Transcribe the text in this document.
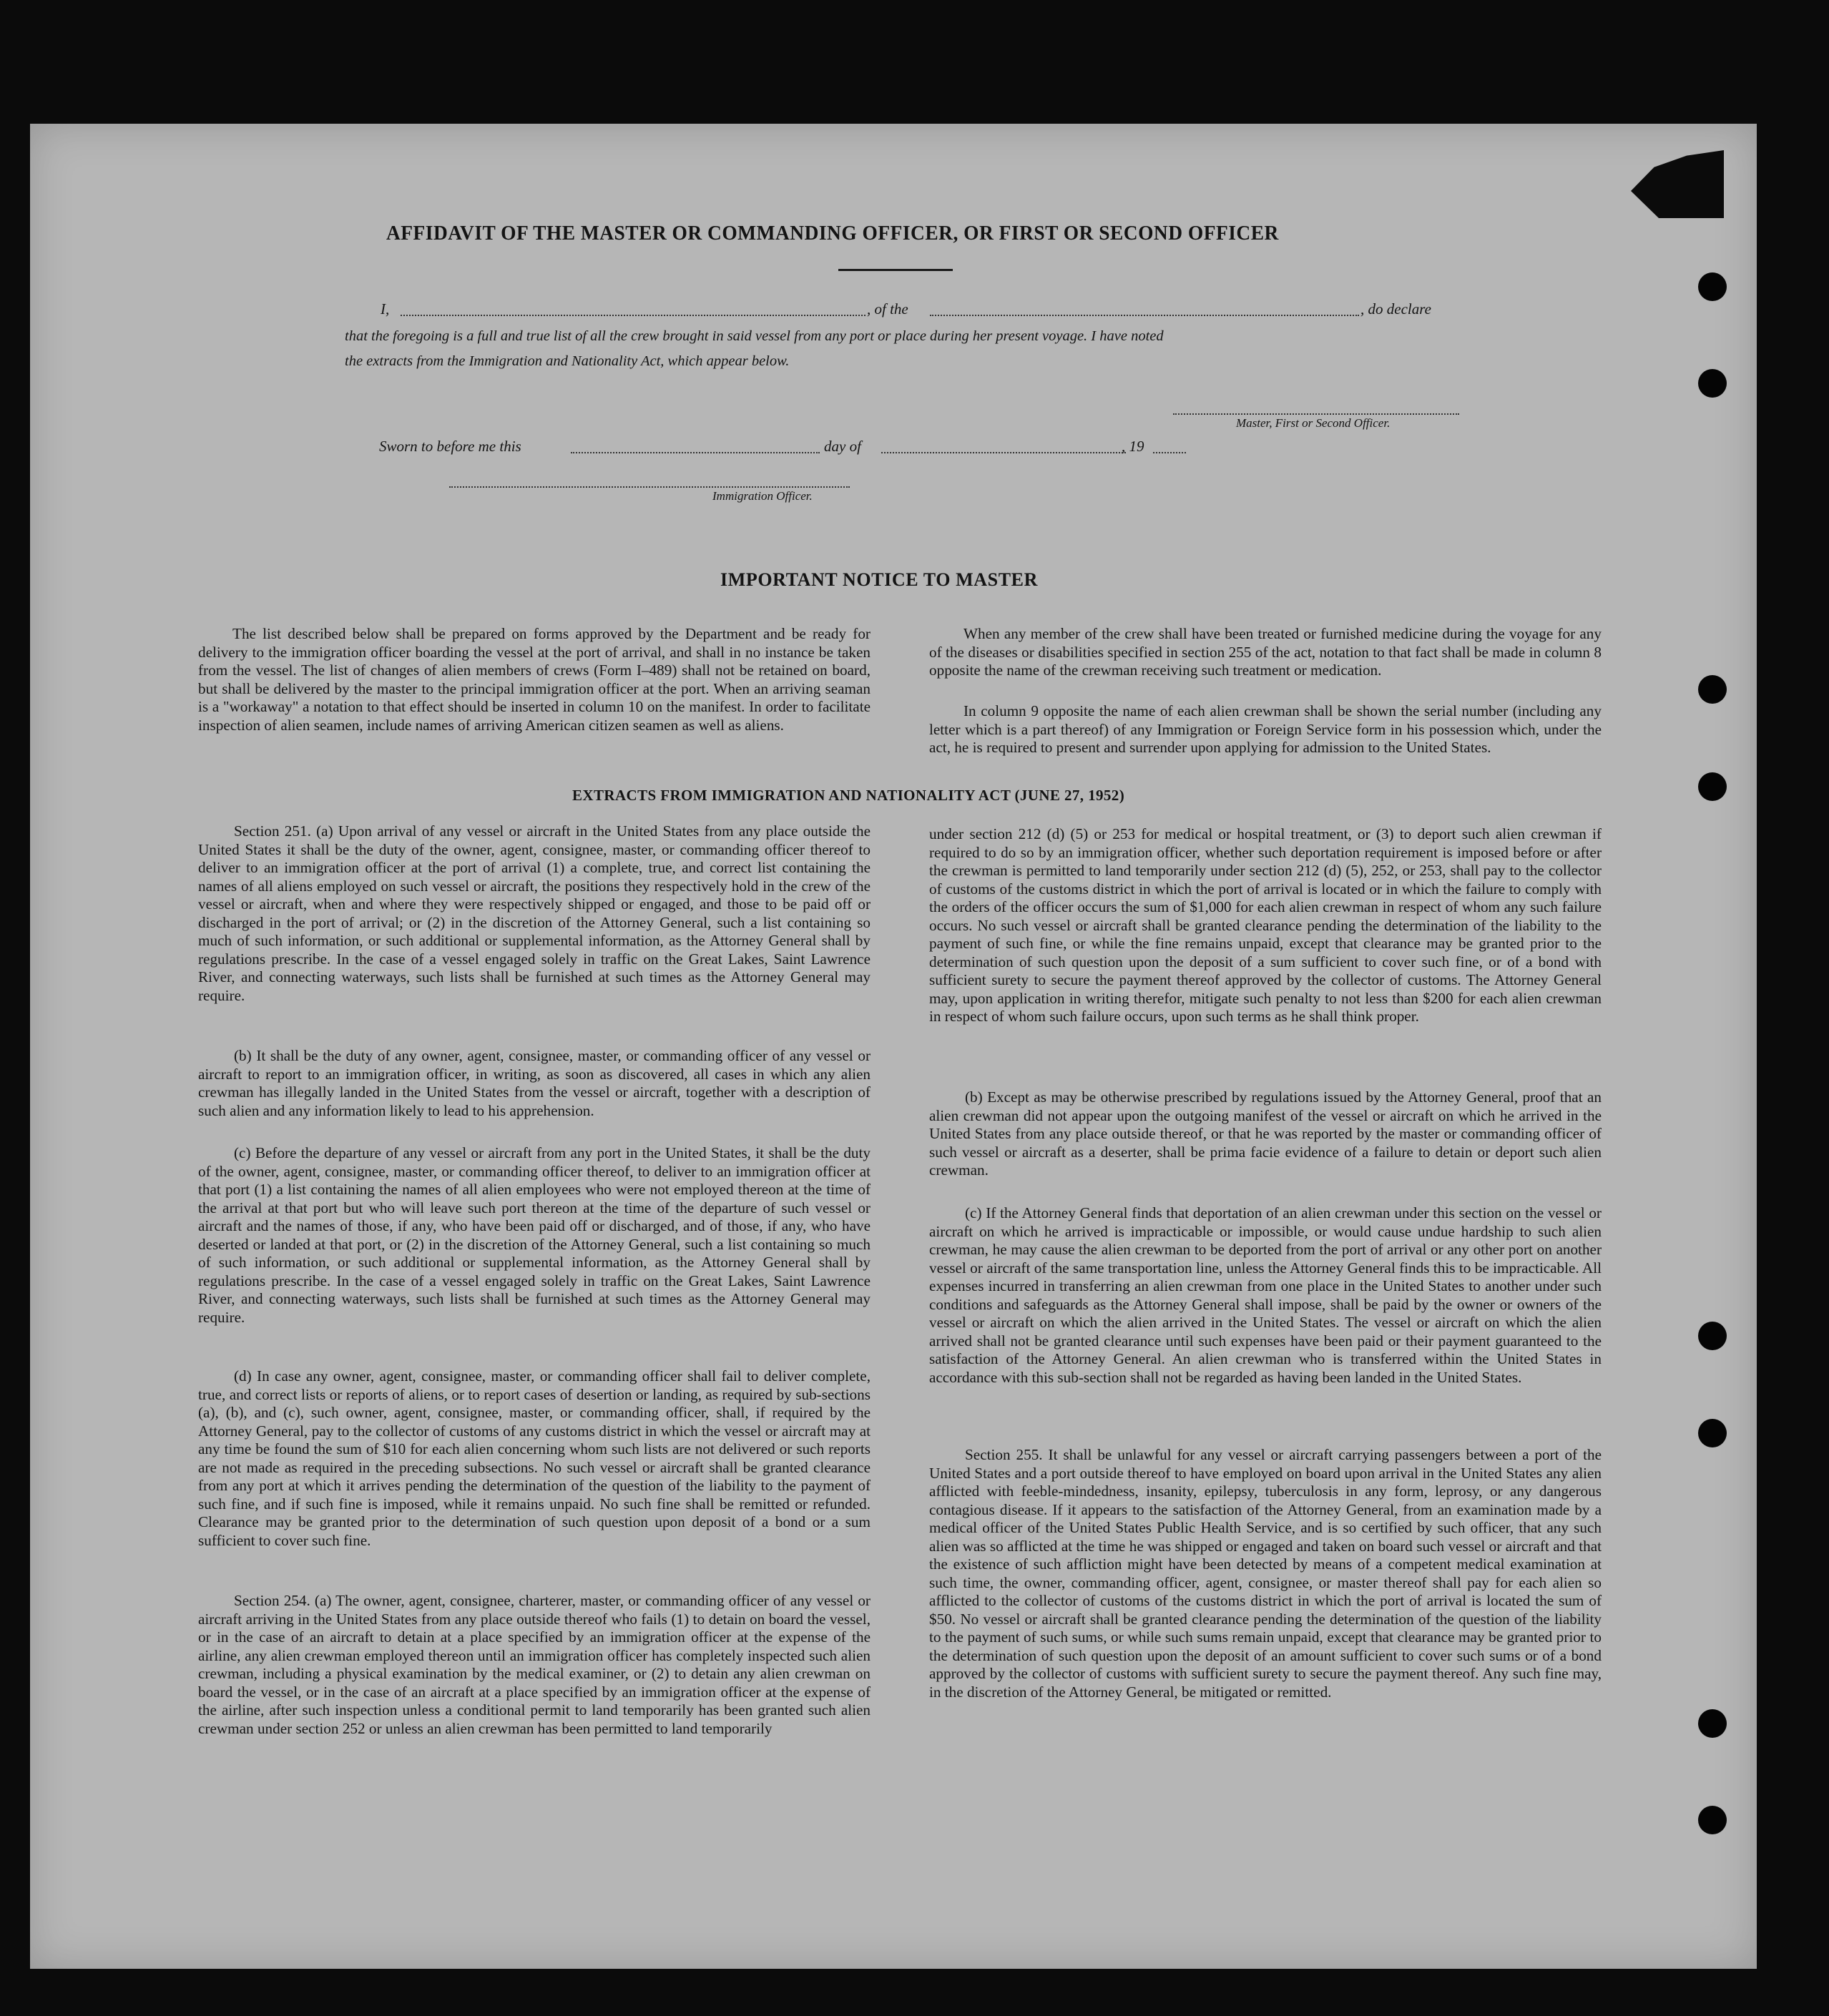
AFFIDAVIT OF THE MASTER OR COMMANDING OFFICER, OR FIRST OR SECOND OFFICER
I,	, of the	, do declare
that the foregoing is a full and true list of all the crew brought in said vessel from any port or place during her present voyage. I have noted
the extracts from the Immigration and Nationality Act, which appear below.
Master, First or Second Officer.
Sworn to before me this	day of	, 19
Immigration Officer.
IMPORTANT NOTICE TO MASTER
The list described below shall be prepared on forms approved by the Department and be ready for delivery to the immigration officer boarding the vessel at the port of arrival, and shall in no instance be taken from the vessel. The list of changes of alien members of crews (Form I–489) shall not be retained on board, but shall be delivered by the master to the principal immigration officer at the port. When an arriving seaman is a "workaway" a notation to that effect should be inserted in column 10 on the manifest. In order to facilitate inspection of alien seamen, include names of arriving American citizen seamen as well as aliens.
When any member of the crew shall have been treated or furnished medicine during the voyage for any of the diseases or disabilities specified in section 255 of the act, notation to that fact shall be made in column 8 opposite the name of the crewman receiving such treatment or medication.
In column 9 opposite the name of each alien crewman shall be shown the serial number (including any letter which is a part thereof) of any Immigration or Foreign Service form in his possession which, under the act, he is required to present and surrender upon applying for admission to the United States.
EXTRACTS FROM IMMIGRATION AND NATIONALITY ACT (JUNE 27, 1952)
Section 251. (a) Upon arrival of any vessel or aircraft in the United States from any place outside the United States it shall be the duty of the owner, agent, consignee, master, or commanding officer thereof to deliver to an immigration officer at the port of arrival (1) a complete, true, and correct list containing the names of all aliens employed on such vessel or aircraft, the positions they respectively hold in the crew of the vessel or aircraft, when and where they were respectively shipped or engaged, and those to be paid off or discharged in the port of arrival; or (2) in the discretion of the Attorney General, such a list containing so much of such information, or such additional or supplemental information, as the Attorney General shall by regulations prescribe. In the case of a vessel engaged solely in traffic on the Great Lakes, Saint Lawrence River, and connecting waterways, such lists shall be furnished at such times as the Attorney General may require.
(b) It shall be the duty of any owner, agent, consignee, master, or commanding officer of any vessel or aircraft to report to an immigration officer, in writing, as soon as discovered, all cases in which any alien crewman has illegally landed in the United States from the vessel or aircraft, together with a description of such alien and any information likely to lead to his apprehension.
(c) Before the departure of any vessel or aircraft from any port in the United States, it shall be the duty of the owner, agent, consignee, master, or commanding officer thereof, to deliver to an immigration officer at that port (1) a list containing the names of all alien employees who were not employed thereon at the time of the arrival at that port but who will leave such port thereon at the time of the departure of such vessel or aircraft and the names of those, if any, who have been paid off or discharged, and of those, if any, who have deserted or landed at that port, or (2) in the discretion of the Attorney General, such a list containing so much of such information, or such additional or supplemental information, as the Attorney General shall by regulations prescribe. In the case of a vessel engaged solely in traffic on the Great Lakes, Saint Lawrence River, and connecting waterways, such lists shall be furnished at such times as the Attorney General may require.
(d) In case any owner, agent, consignee, master, or commanding officer shall fail to deliver complete, true, and correct lists or reports of aliens, or to report cases of desertion or landing, as required by sub-sections (a), (b), and (c), such owner, agent, consignee, master, or commanding officer, shall, if required by the Attorney General, pay to the collector of customs of any customs district in which the vessel or aircraft may at any time be found the sum of $10 for each alien concerning whom such lists are not delivered or such reports are not made as required in the preceding subsections. No such vessel or aircraft shall be granted clearance from any port at which it arrives pending the determination of the question of the liability to the payment of such fine, and if such fine is imposed, while it remains unpaid. No such fine shall be remitted or refunded. Clearance may be granted prior to the determination of such question upon deposit of a bond or a sum sufficient to cover such fine.
Section 254. (a) The owner, agent, consignee, charterer, master, or commanding officer of any vessel or aircraft arriving in the United States from any place outside thereof who fails (1) to detain on board the vessel, or in the case of an aircraft to detain at a place specified by an immigration officer at the expense of the airline, any alien crewman employed thereon until an immigration officer has completely inspected such alien crewman, including a physical examination by the medical examiner, or (2) to detain any alien crewman on board the vessel, or in the case of an aircraft at a place specified by an immigration officer at the expense of the airline, after such inspection unless a conditional permit to land temporarily has been granted such alien crewman under section 252 or unless an alien crewman has been permitted to land temporarily
under section 212 (d) (5) or 253 for medical or hospital treatment, or (3) to deport such alien crewman if required to do so by an immigration officer, whether such deportation requirement is imposed before or after the crewman is permitted to land temporarily under section 212 (d) (5), 252, or 253, shall pay to the collector of customs of the customs district in which the port of arrival is located or in which the failure to comply with the orders of the officer occurs the sum of $1,000 for each alien crewman in respect of whom any such failure occurs. No such vessel or aircraft shall be granted clearance pending the determination of the liability to the payment of such fine, or while the fine remains unpaid, except that clearance may be granted prior to the determination of such question upon the deposit of a sum sufficient to cover such fine, or of a bond with sufficient surety to secure the payment thereof approved by the collector of customs. The Attorney General may, upon application in writing therefor, mitigate such penalty to not less than $200 for each alien crewman in respect of whom such failure occurs, upon such terms as he shall think proper.
(b) Except as may be otherwise prescribed by regulations issued by the Attorney General, proof that an alien crewman did not appear upon the outgoing manifest of the vessel or aircraft on which he arrived in the United States from any place outside thereof, or that he was reported by the master or commanding officer of such vessel or aircraft as a deserter, shall be prima facie evidence of a failure to detain or deport such alien crewman.
(c) If the Attorney General finds that deportation of an alien crewman under this section on the vessel or aircraft on which he arrived is impracticable or impossible, or would cause undue hardship to such alien crewman, he may cause the alien crewman to be deported from the port of arrival or any other port on another vessel or aircraft of the same transportation line, unless the Attorney General finds this to be impracticable. All expenses incurred in transferring an alien crewman from one place in the United States to another under such conditions and safeguards as the Attorney General shall impose, shall be paid by the owner or owners of the vessel or aircraft on which the alien arrived in the United States. The vessel or aircraft on which the alien arrived shall not be granted clearance until such expenses have been paid or their payment guaranteed to the satisfaction of the Attorney General. An alien crewman who is transferred within the United States in accordance with this sub-section shall not be regarded as having been landed in the United States.
Section 255. It shall be unlawful for any vessel or aircraft carrying passengers between a port of the United States and a port outside thereof to have employed on board upon arrival in the United States any alien afflicted with feeble-mindedness, insanity, epilepsy, tuberculosis in any form, leprosy, or any dangerous contagious disease. If it appears to the satisfaction of the Attorney General, from an examination made by a medical officer of the United States Public Health Service, and is so certified by such officer, that any such alien was so afflicted at the time he was shipped or engaged and taken on board such vessel or aircraft and that the existence of such affliction might have been detected by means of a competent medical examination at such time, the owner, commanding officer, agent, consignee, or master thereof shall pay for each alien so afflicted to the collector of customs of the customs district in which the port of arrival is located the sum of $50. No vessel or aircraft shall be granted clearance pending the determination of the question of the liability to the payment of such sums, or while such sums remain unpaid, except that clearance may be granted prior to the determination of such question upon the deposit of an amount sufficient to cover such sums or of a bond approved by the collector of customs with sufficient surety to secure the payment thereof. Any such fine may, in the discretion of the Attorney General, be mitigated or remitted.
